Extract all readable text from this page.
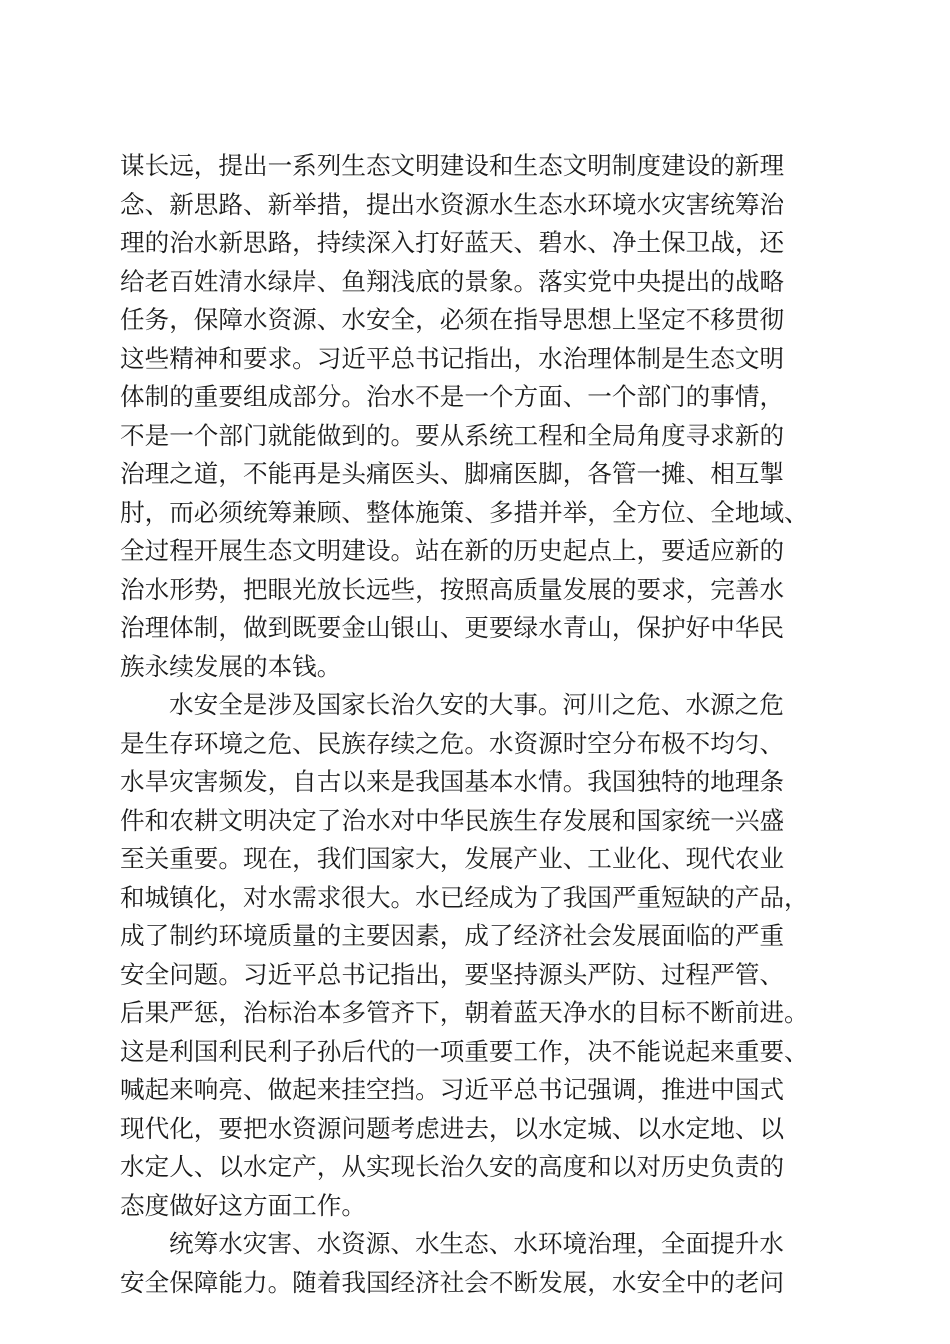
谋长远，提出一系列生态文明建设和生态文明制度建设的新理
念、新思路、新举措，提出水资源水生态水环境水灾害统筹治
理的治水新思路，持续深入打好蓝天、碧水、净土保卫战，还
给老百姓清水绿岸、鱼翔浅底的景象。落实党中央提出的战略
任务，保障水资源、水安全，必须在指导思想上坚定不移贯彻
这些精神和要求。习近平总书记指出，水治理体制是生态文明
体制的重要组成部分。治水不是一个方面、一个部门的事情，
不是一个部门就能做到的。要从系统工程和全局角度寻求新的
治理之道，不能再是头痛医头、脚痛医脚，各管一摊、相互掣
肘，而必须统筹兼顾、整体施策、多措并举，全方位、全地域、
全过程开展生态文明建设。站在新的历史起点上，要适应新的
治水形势，把眼光放长远些，按照高质量发展的要求，完善水
治理体制，做到既要金山银山、更要绿水青山，保护好中华民
族永续发展的本钱。
水安全是涉及国家长治久安的大事。河川之危、水源之危
是生存环境之危、民族存续之危。水资源时空分布极不均匀、
水旱灾害频发，自古以来是我国基本水情。我国独特的地理条
件和农耕文明决定了治水对中华民族生存发展和国家统一兴盛
至关重要。现在，我们国家大，发展产业、工业化、现代农业
和城镇化，对水需求很大。水已经成为了我国严重短缺的产品，
成了制约环境质量的主要因素，成了经济社会发展面临的严重
安全问题。习近平总书记指出，要坚持源头严防、过程严管、
后果严惩，治标治本多管齐下，朝着蓝天净水的目标不断前进。
这是利国利民利子孙后代的一项重要工作，决不能说起来重要、
喊起来响亮、做起来挂空挡。习近平总书记强调，推进中国式
现代化，要把水资源问题考虑进去，以水定城、以水定地、以
水定人、以水定产，从实现长治久安的高度和以对历史负责的
态度做好这方面工作。
统筹水灾害、水资源、水生态、水环境治理，全面提升水
安全保障能力。随着我国经济社会不断发展，水安全中的老问
